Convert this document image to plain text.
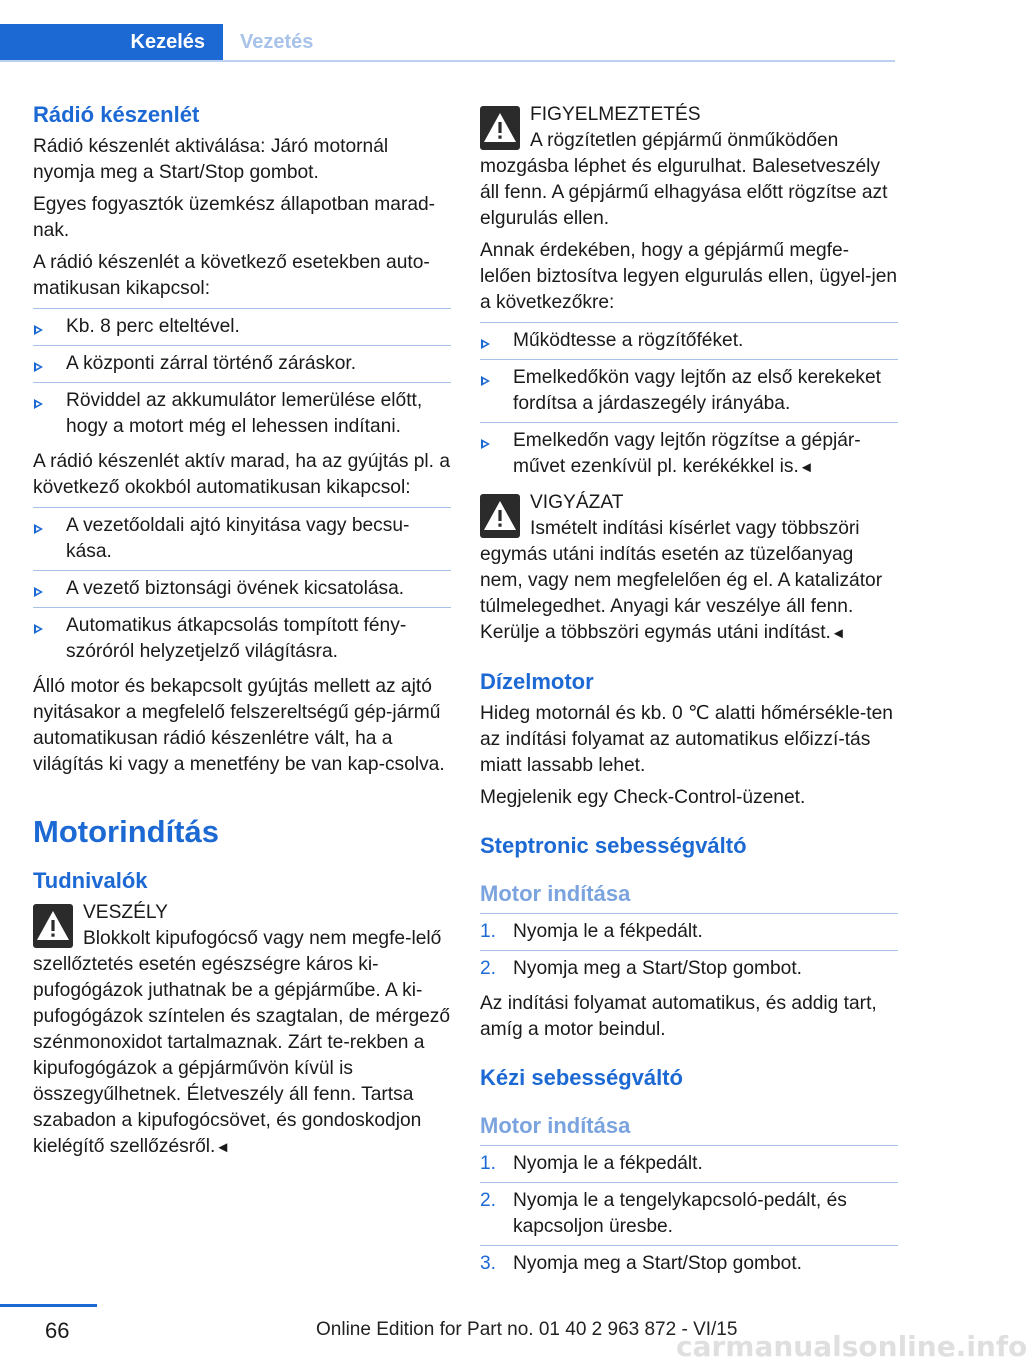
Kezelés	Vezetés
Rádió készenlét

Rádió készenlét aktiválása: Járó motornál nyomja meg a Start/Stop gombot.

Egyes fogyasztók üzemkész állapotban marad-nak.

A rádió készenlét a következő esetekben auto-matikusan kikapcsol:

Kb. 8 perc elteltével.
A központi zárral történő záráskor.
Röviddel az akkumulátor lemerülése előtt, hogy a motort még el lehessen indítani.

A rádió készenlét aktív marad, ha az gyújtás pl. a következő okokból automatikusan kikapcsol:

A vezetőoldali ajtó kinyitása vagy becsu-kása.
A vezető biztonsági övének kicsatolása.
Automatikus átkapcsolás tompított fény-szóróról helyzetjelző világításra.

Álló motor és bekapcsolt gyújtás mellett az ajtó nyitásakor a megfelelő felszereltségű gép-jármű automatikusan rádió készenlétre vált, ha a világítás ki vagy a menetfény be van kap-csolva.

Motorindítás
Tudnivalók

VESZÉLY

Blokkolt kipufogócső vagy nem megfe-lelő szellőztetés esetén egészségre káros ki-pufogógázok juthatnak be a gépjárműbe. A ki-pufogógázok színtelen és szagtalan, de mérgező szénmonoxidot tartalmaznak. Zárt te-rekben a kipufogógázok a gépjárművön kívül is összegyűlhetnek. Életveszély áll fenn. Tartsa szabadon a kipufogócsövet, és gondoskodjon kielégítő szellőzésről.◄

FIGYELMEZTETÉS

A rögzítetlen gépjármű önműködően mozgásba léphet és elgurulhat. Balesetveszély áll fenn. A gépjármű elhagyása előtt rögzítse azt elgurulás ellen.

Annak érdekében, hogy a gépjármű megfe-lelően biztosítva legyen elgurulás ellen, ügyel-jen a következőkre:

Működtesse a rögzítőféket.
Emelkedőkön vagy lejtőn az első kerekeket fordítsa a járdaszegély irányába.
Emelkedőn vagy lejtőn rögzítse a gépjár-művet ezenkívül pl. kerékékkel is.◄

VIGYÁZAT

Ismételt indítási kísérlet vagy többszöri egymás utáni indítás esetén az tüzelőanyag nem, vagy nem megfelelően ég el. A katalizátor túlmelegedhet. Anyagi kár veszélye áll fenn. Kerülje a többszöri egymás utáni indítást.◄

Dízelmotor

Hideg motornál és kb. 0 ℃ alatti hőmérsékle-ten az indítási folyamat az automatikus előizzí-tás miatt lassabb lehet.

Megjelenik egy Check-Control-üzenet.

Steptronic sebességváltó
Motor indítása
1. Nyomja le a fékpedált.
2. Nyomja meg a Start/Stop gombot.

Az indítási folyamat automatikus, és addig tart, amíg a motor beindul.

Kézi sebességváltó
Motor indítása
1. Nyomja le a fékpedált.
2. Nyomja le a tengelykapcsoló-pedált, és kapcsoljon üresbe.
3. Nyomja meg a Start/Stop gombot.
66	Online Edition for Part no. 01 40 2 963 872 - VI/15
carmanualsonline.info
